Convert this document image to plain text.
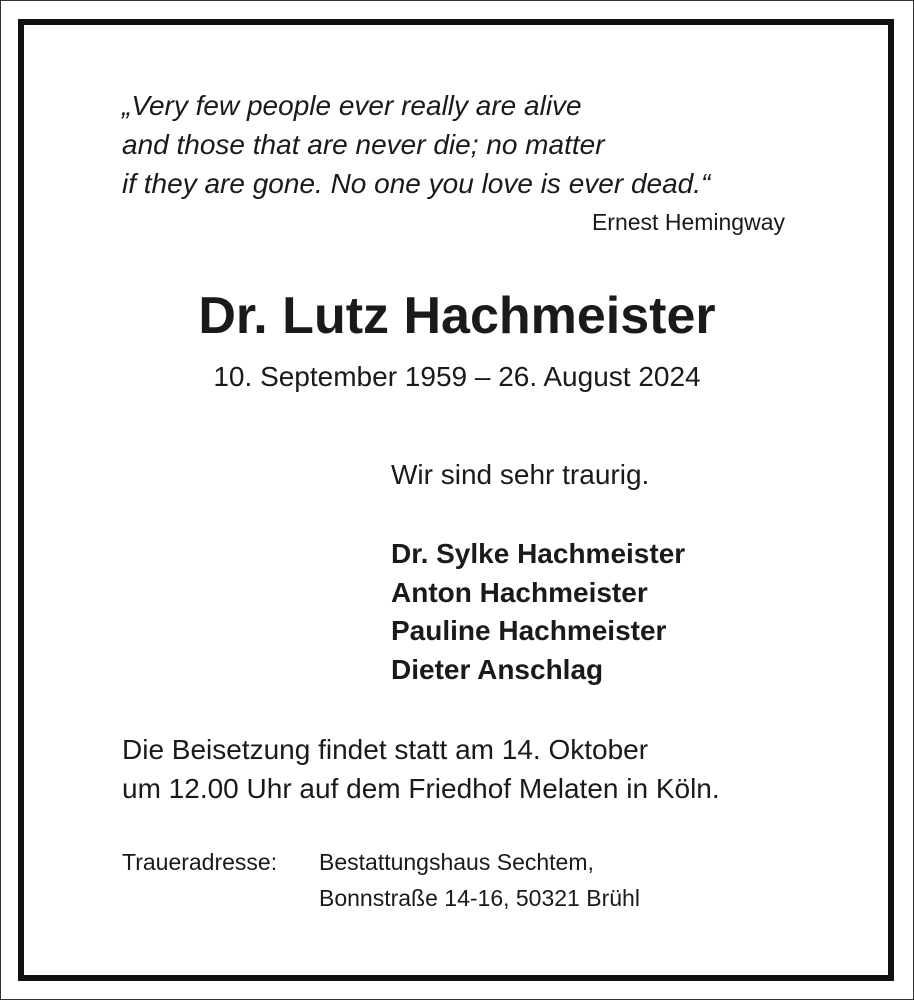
„Very few people ever really are alive
and those that are never die; no matter
if they are gone. No one you love is ever dead.“
Ernest Hemingway
Dr. Lutz Hachmeister
10. September 1959 – 26. August 2024
Wir sind sehr traurig.
Dr. Sylke Hachmeister
Anton Hachmeister
Pauline Hachmeister
Dieter Anschlag
Die Beisetzung findet statt am 14. Oktober
um 12.00 Uhr auf dem Friedhof Melaten in Köln.
Traueradresse:	Bestattungshaus Sechtem,
Bonnstraße 14-16, 50321 Brühl
